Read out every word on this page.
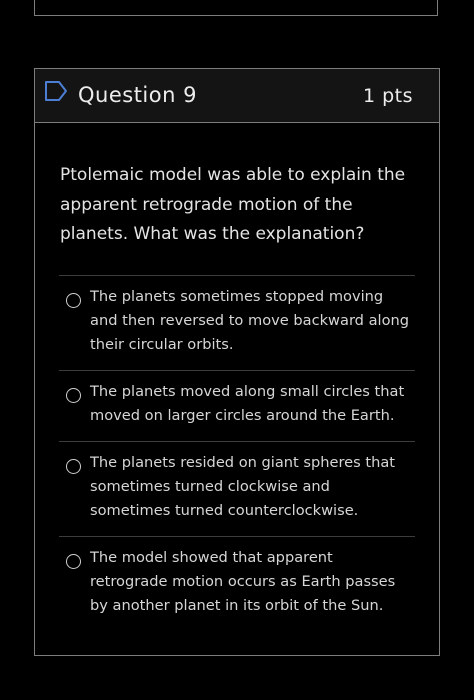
Question 9	1 pts

Ptolemaic model was able to explain the apparent retrograde motion of the planets. What was the explanation?

The planets sometimes stopped moving and then reversed to move backward along their circular orbits.

The planets moved along small circles that moved on larger circles around the Earth.

The planets resided on giant spheres that sometimes turned clockwise and sometimes turned counterclockwise.

The model showed that apparent retrograde motion occurs as Earth passes by another planet in its orbit of the Sun.
